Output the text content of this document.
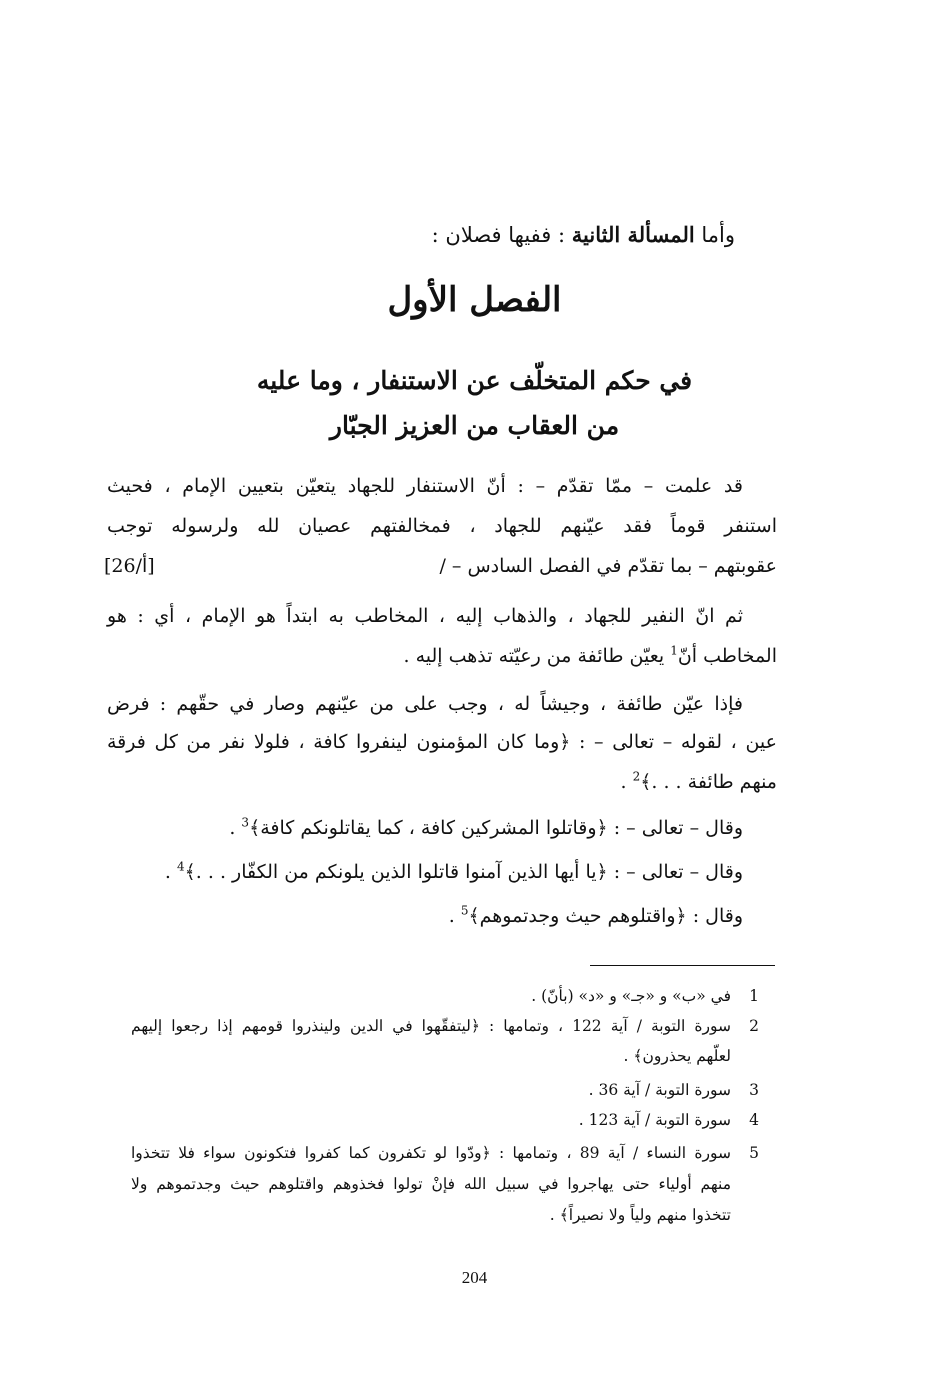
وأما المسألة الثانية : ففيها فصلان :
الفصل الأول
في حكم المتخلّف عن الاستنفار ، وما عليه
من العقاب من العزيز الجبّار
قد علمت – ممّا تقدّم – : أنّ الاستنفار للجهاد يتعيّن بتعيين الإمام ، فحيث
استنفر قوماً فقد عيّنهم للجهاد ، فمخالفتهم عصيان لله ولرسوله توجب
عقوبتهم – بما تقدّم في الفصل السادس – /
[26/أ]
ثم انّ النفير للجهاد ، والذهاب إليه ، المخاطب به ابتداً هو الإمام ، أي : هو
المخاطب أنّ$^1$ يعيّن طائفة من رعيّته تذهب إليه .
فإذا عيّن طائفة ، وجيشاً له ، وجب على من عيّنهم وصار في حقّهم : فرض
عين ، لقوله – تعالى – : ﴿وما كان المؤمنون لينفروا كافة ، فلولا نفر من كل فرقة
منهم طائفة . . .﴾$^2$ .
وقال – تعالى – : ﴿وقاتلوا المشركين كافة ، كما يقاتلونكم كافة﴾$^3$ .
وقال – تعالى – : ﴿يا أيها الذين آمنوا قاتلوا الذين يلونكم من الكفّار . . .﴾$^4$ .
وقال : ﴿واقتلوهم حيث وجدتموهم﴾$^5$ .
1
في «ب» و «جـ» و «د» (بأنّ) .
2
سورة التوبة / آية 122 ، وتمامها : ﴿ليتفقّهوا في الدين ولينذروا قومهم إذا رجعوا إليهم
لعلّهم يحذرون﴾ .
3
سورة التوبة / آية 36 .
4
سورة التوبة / آية 123 .
5
سورة النساء / آية 89 ، وتمامها : ﴿ودّوا لو تكفرون كما كفروا فتكونون سواء فلا تتخذوا
منهم أولياء حتى يهاجروا في سبيل الله فإنْ تولوا فخذوهم واقتلوهم حيث وجدتموهم ولا
تتخذوا منهم ولياً ولا نصيراً﴾ .
204
